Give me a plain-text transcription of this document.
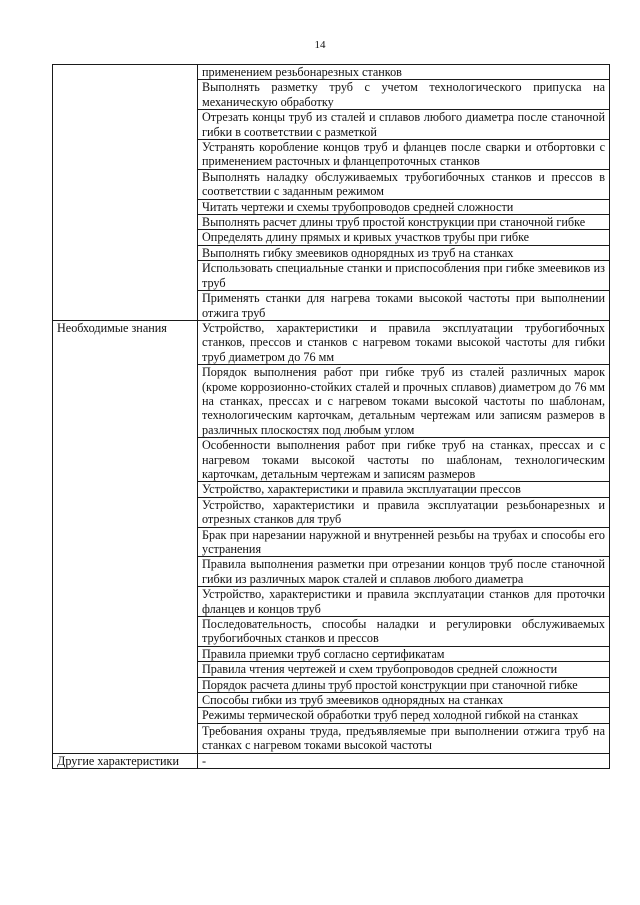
14
	применением резьбонарезных станков
	Выполнять разметку труб с учетом технологического припуска на механическую обработку
	Отрезать концы труб из сталей и сплавов любого диаметра после станочной гибки в соответствии с разметкой
	Устранять коробление концов труб и фланцев после сварки и отбортовки с применением расточных и фланцепроточных станков
	Выполнять наладку обслуживаемых трубогибочных станков и прессов в соответствии с заданным режимом
	Читать чертежи и схемы трубопроводов средней сложности
	Выполнять расчет длины труб простой конструкции при станочной гибке
	Определять длину прямых и кривых участков трубы при гибке
	Выполнять гибку змеевиков однорядных из труб на станках
	Использовать специальные станки и приспособления при гибке змеевиков из труб
	Применять станки для нагрева токами высокой частоты при выполнении отжига труб
Необходимые знания	Устройство, характеристики и правила эксплуатации трубогибочных станков, прессов и станков с нагревом токами высокой частоты для гибки труб диаметром до 76 мм
	Порядок выполнения работ при гибке труб из сталей различных марок (кроме коррозионно-стойких сталей и прочных сплавов) диаметром до 76 мм на станках, прессах и с нагревом токами высокой частоты по шаблонам, технологическим карточкам, детальным чертежам или записям размеров в различных плоскостях под любым углом
	Особенности выполнения работ при гибке труб на станках, прессах и с нагревом токами высокой частоты по шаблонам, технологическим карточкам, детальным чертежам и записям размеров
	Устройство, характеристики и правила эксплуатации прессов
	Устройство, характеристики и правила эксплуатации резьбонарезных и отрезных станков для труб
	Брак при нарезании наружной и внутренней резьбы на трубах и способы его устранения
	Правила выполнения разметки при отрезании концов труб после станочной гибки из различных марок сталей и сплавов любого диаметра
	Устройство, характеристики и правила эксплуатации станков для проточки фланцев и концов труб
	Последовательность, способы наладки и регулировки обслуживаемых трубогибочных станков и прессов
	Правила приемки труб согласно сертификатам
	Правила чтения чертежей и схем трубопроводов средней сложности
	Порядок расчета длины труб простой конструкции при станочной гибке
	Способы гибки из труб змеевиков однорядных на станках
	Режимы термической обработки труб перед холодной гибкой на станках
	Требования охраны труда, предъявляемые при выполнении отжига труб на станках с нагревом токами высокой частоты
Другие характеристики	-
